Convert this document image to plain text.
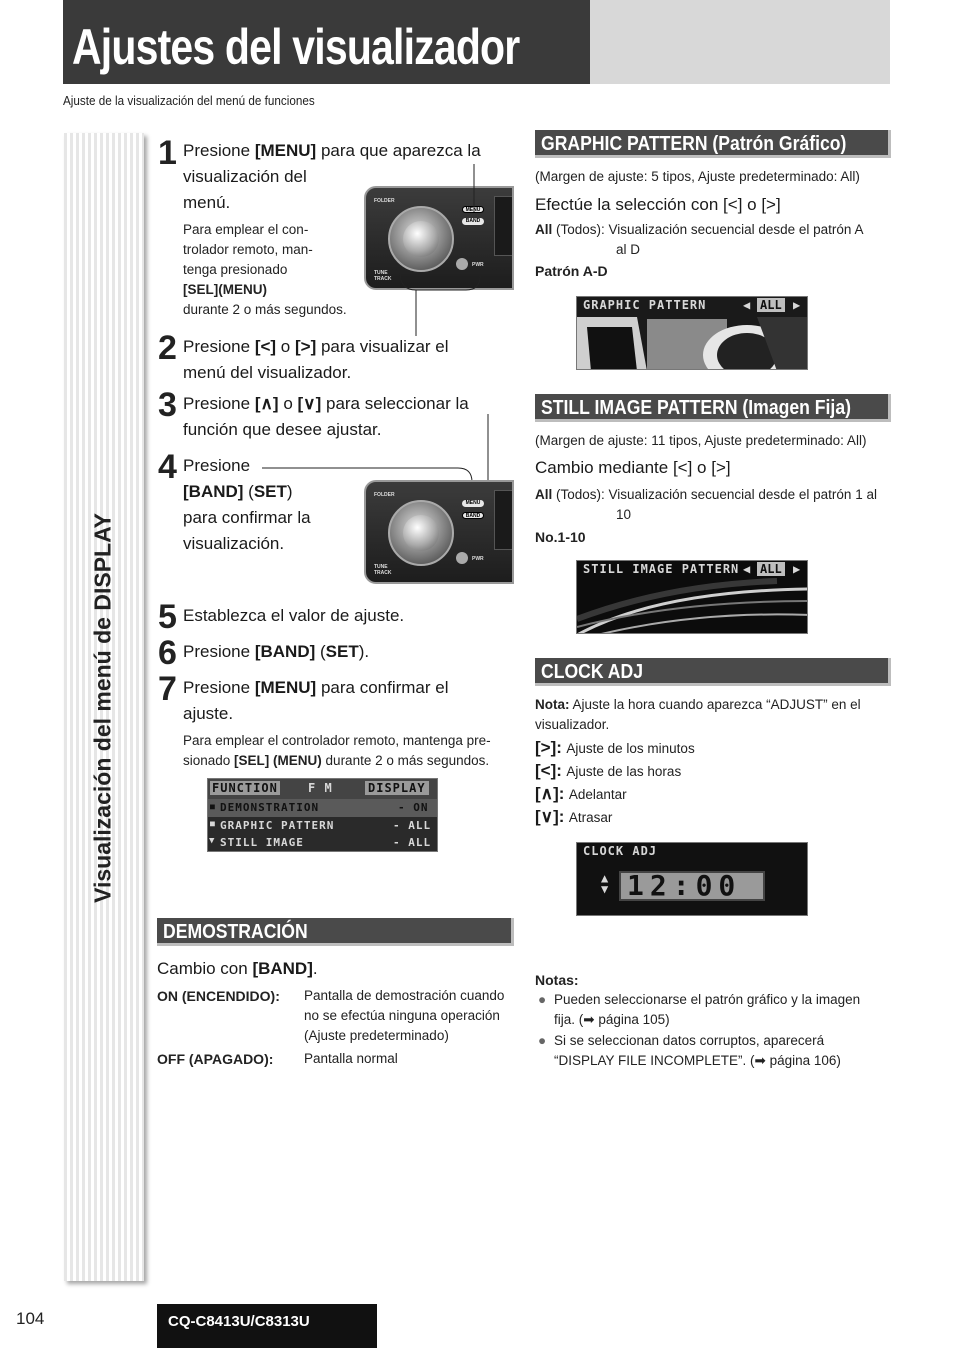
Ajustes del visualizador
Ajuste de la visualización del menú de funciones
Visualización del menú de DISPLAY
1 Presione [MENU] para que aparezca la
visualización del
menú.
Para emplear el con-
trolador remoto, man-
tenga presionado
[SEL](MENU)
durante 2 o más segundos.
FOLDER
MENU
BAND
PWR
TUNE TRACK
2 Presione [<] o [>] para visualizar el
menú del visualizador.
3 Presione [∧] o [∨] para seleccionar la
función que desee ajustar.
4 Presione
[BAND] (SET)
para confirmar la
visualización.
FOLDER
MENU
BAND
PWR
TUNE TRACK
5 Establezca el valor de ajuste.
6 Presione [BAND] (SET).
7 Presione [MENU] para confirmar el
ajuste.
Para emplear el controlador remoto, mantenga pre-
sionado [SEL] (MENU) durante 2 o más segundos.
FUNCTION	F M	DISPLAY
DEMONSTRATION	- ON
GRAPHIC PATTERN	- ALL
STILL IMAGE	- ALL
■
■
▼
DEMOSTRACIÓN
Cambio con [BAND].
ON (ENCENDIDO): Pantalla de demostración cuando
no se efectúa ninguna operación
(Ajuste predeterminado)
OFF (APAGADO): Pantalla normal
GRAPHIC PATTERN (Patrón Gráfico)
(Margen de ajuste: 5 tipos, Ajuste predeterminado: All)
Efectúe la selección con [<] o [>]
All (Todos): Visualización secuencial desde el patrón A
al D
Patrón A-D
GRAPHIC PATTERN	◀ ALL ▶
STILL IMAGE PATTERN (Imagen Fija)
(Margen de ajuste: 11 tipos, Ajuste predeterminado: All)
Cambio mediante [<] o [>]
All (Todos): Visualización secuencial desde el patrón 1 al
10
No.1-10
STILL IMAGE PATTERN ◀ ALL ▶
CLOCK ADJ
Nota: Ajuste la hora cuando aparezca “ADJUST” en el
visualizador.
[>]: Ajuste de los minutos
[<]: Ajuste de las horas
[∧]: Adelantar
[∨]: Atrasar
CLOCK ADJ
▲
▼ 12:00
Notas:
● Pueden seleccionarse el patrón gráfico y la imagen
fija. (➡ página 105)
● Si se seleccionan datos corruptos, aparecerá
“DISPLAY FILE INCOMPLETE”. (➡ página 106)
104	CQ-C8413U/C8313U
